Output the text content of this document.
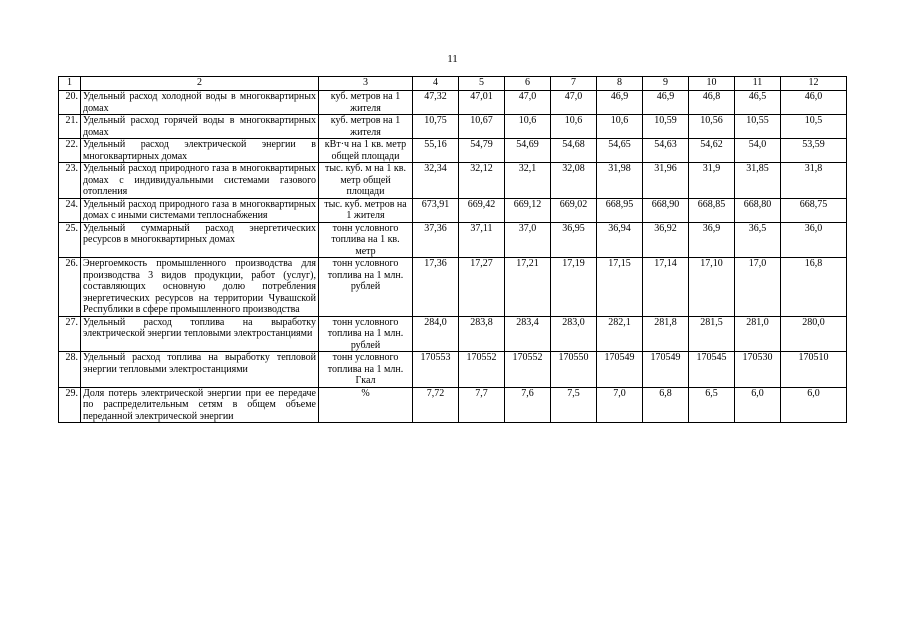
11
1	2	3	4	5	6	7	8	9	10	11	12
20.	Удельный расход холодной воды в многоквартирных домах	куб. метров на 1 жителя	47,32	47,01	47,0	47,0	46,9	46,9	46,8	46,5	46,0
21.	Удельный расход горячей воды в многоквартирных домах	куб. метров на 1 жителя	10,75	10,67	10,6	10,6	10,6	10,59	10,56	10,55	10,5
22.	Удельный расход электрической энергии в многоквартирных домах	кВт·ч на 1 кв. метр общей площади	55,16	54,79	54,69	54,68	54,65	54,63	54,62	54,0	53,59
23.	Удельный расход природного газа в многоквартирных домах с индивидуальными системами газового отопления	тыс. куб. м на 1 кв. метр общей площади	32,34	32,12	32,1	32,08	31,98	31,96	31,9	31,85	31,8
24.	Удельный расход природного газа в многоквартирных домах с иными системами теплоснабжения	тыс. куб. метров на 1 жителя	673,91	669,42	669,12	669,02	668,95	668,90	668,85	668,80	668,75
25.	Удельный суммарный расход энергетических ресурсов в многоквартирных домах	тонн условного топлива на 1 кв. метр	37,36	37,11	37,0	36,95	36,94	36,92	36,9	36,5	36,0
26.	Энергоемкость промышленного производства для производства 3 видов продукции, работ (услуг), составляющих основную долю потребления энергетических ресурсов на территории Чувашской Республики в сфере промышленного производства	тонн условного топлива на 1 млн. рублей	17,36	17,27	17,21	17,19	17,15	17,14	17,10	17,0	16,8
27.	Удельный расход топлива на выработку электрической энергии тепловыми электростанциями	тонн условного топлива на 1 млн. рублей	284,0	283,8	283,4	283,0	282,1	281,8	281,5	281,0	280,0
28.	Удельный расход топлива на выработку тепловой энергии тепловыми электростанциями	тонн условного топлива на 1 млн. Гкал	170553	170552	170552	170550	170549	170549	170545	170530	170510
29.	Доля потерь электрической энергии при ее передаче по распределительным сетям в общем объеме переданной электрической энергии	%	7,72	7,7	7,6	7,5	7,0	6,8	6,5	6,0	6,0
